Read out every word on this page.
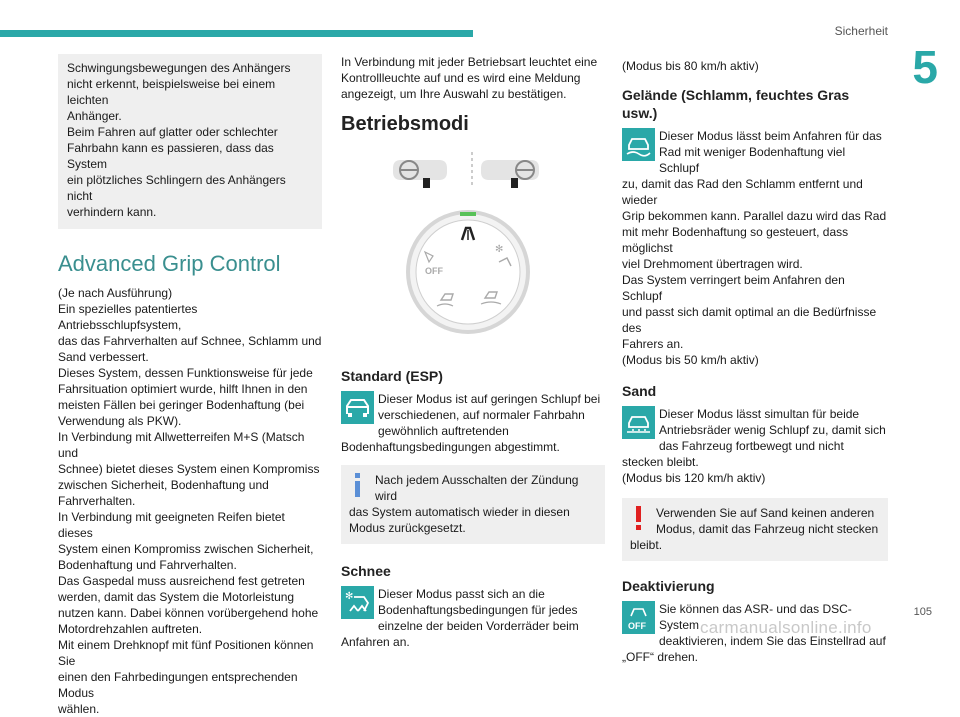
Sicherheit
5

Schwingungsbewegungen des Anhängers
nicht erkennt, beispielsweise bei einem leichten
Anhänger.
Beim Fahren auf glatter oder schlechter
Fahrbahn kann es passieren, dass das System
ein plötzliches Schlingern des Anhängers nicht
verhindern kann.

Advanced Grip Control

(Je nach Ausführung)
Ein spezielles patentiertes Antriebsschlupfsystem,
das das Fahrverhalten auf Schnee, Schlamm und
Sand verbessert.
Dieses System, dessen Funktionsweise für jede
Fahrsituation optimiert wurde, hilft Ihnen in den
meisten Fällen bei geringer Bodenhaftung (bei
Verwendung als PKW).
In Verbindung mit Allwetterreifen M+S (Matsch und
Schnee) bietet dieses System einen Kompromiss
zwischen Sicherheit, Bodenhaftung und
Fahrverhalten.
In Verbindung mit geeigneten Reifen bietet dieses
System einen Kompromiss zwischen Sicherheit,
Bodenhaftung und Fahrverhalten.
Das Gaspedal muss ausreichend fest getreten
werden, damit das System die Motorleistung
nutzen kann. Dabei können vorübergehend hohe
Motordrehzahlen auftreten.
Mit einem Drehknopf mit fünf Positionen können Sie
einen den Fahrbedingungen entsprechenden Modus
wählen.

In Verbindung mit jeder Betriebsart leuchtet eine
Kontrollleuchte auf und es wird eine Meldung
angezeigt, um Ihre Auswahl zu bestätigen.

Betriebsmodi
OFF
✻
Standard (ESP)

Dieser Modus ist auf geringen Schlupf bei
verschiedenen, auf normaler Fahrbahn
gewöhnlich auftretenden
Bodenhaftungsbedingungen abgestimmt.

Nach jedem Ausschalten der Zündung wird
das System automatisch wieder in diesen
Modus zurückgesetzt.

Schnee
✻	Dieser Modus passt sich an die
Bodenhaftungsbedingungen für jedes
einzelne der beiden Vorderräder beim Anfahren an.

(Modus bis 80 km/h aktiv)

Gelände (Schlamm, feuchtes Gras usw.)

Dieser Modus lässt beim Anfahren für das
Rad mit weniger Bodenhaftung viel Schlupf
zu, damit das Rad den Schlamm entfernt und wieder
Grip bekommen kann. Parallel dazu wird das Rad
mit mehr Bodenhaftung so gesteuert, dass möglichst
viel Drehmoment übertragen wird.
Das System verringert beim Anfahren den Schlupf
und passt sich damit optimal an die Bedürfnisse des
Fahrers an.
(Modus bis 50 km/h aktiv)

Sand

Dieser Modus lässt simultan für beide
Antriebsräder wenig Schlupf zu, damit sich
das Fahrzeug fortbewegt und nicht stecken bleibt.
(Modus bis 120 km/h aktiv)

Verwenden Sie auf Sand keinen anderen
Modus, damit das Fahrzeug nicht stecken
bleibt.

Deaktivierung
OFF

Sie können das ASR- und das DSC-System
deaktivieren, indem Sie das Einstellrad auf
„OFF“ drehen.

105
carmanualsonline.info
